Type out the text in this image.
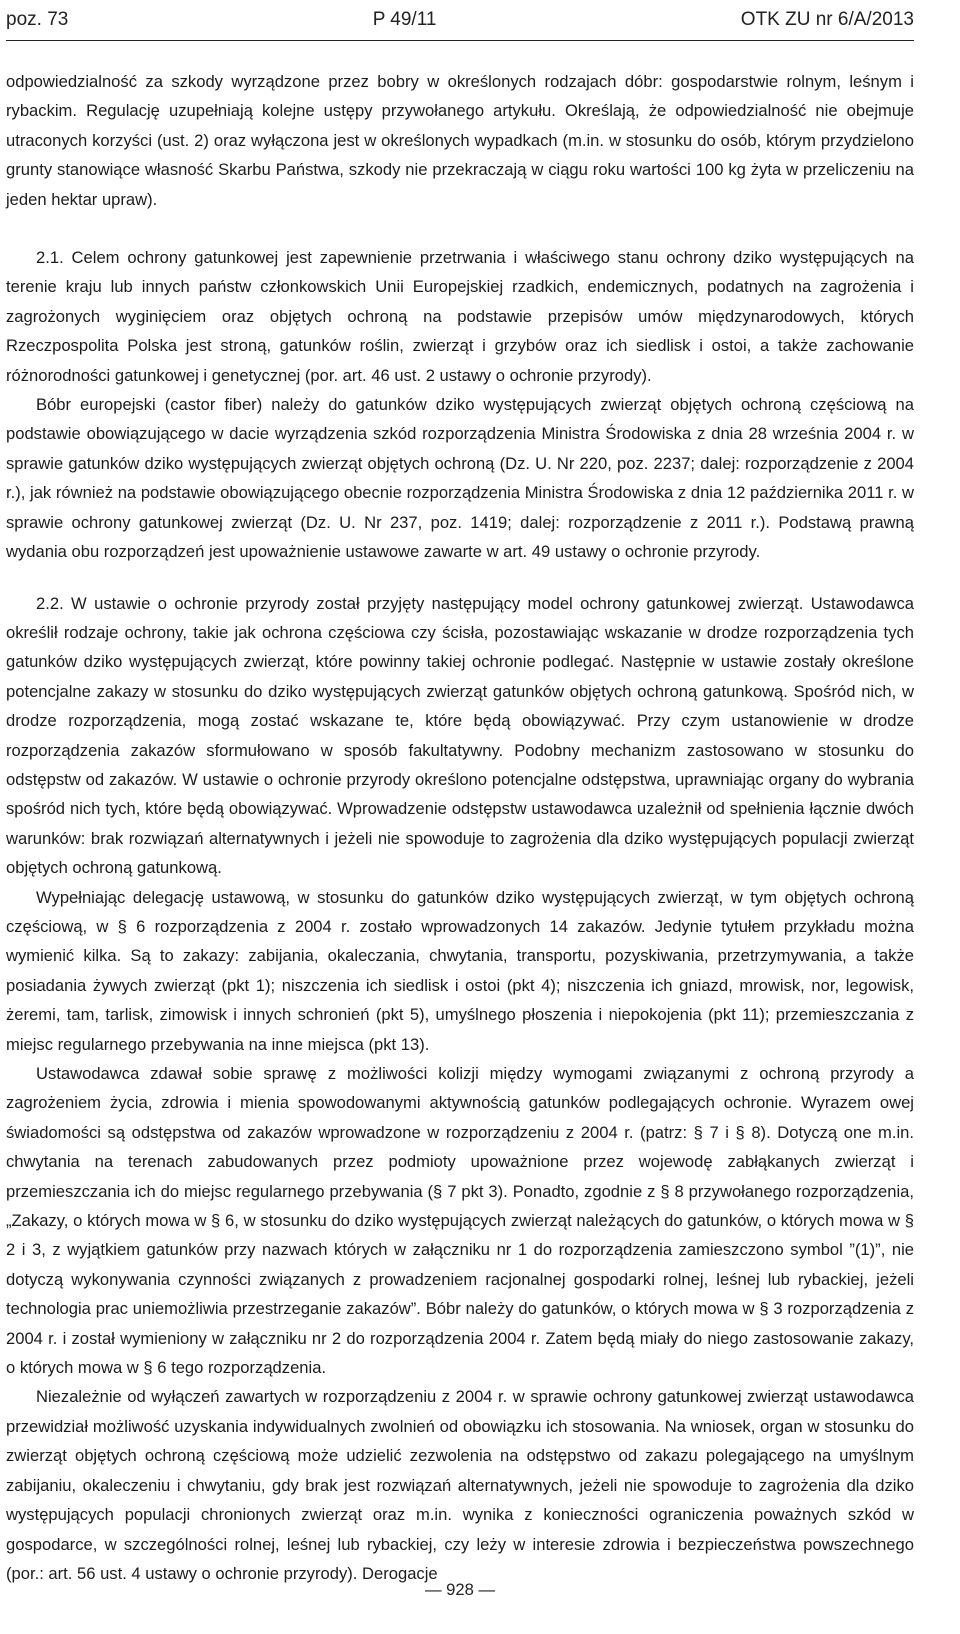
poz. 73	P 49/11	OTK ZU nr 6/A/2013

odpowiedzialność za szkody wyrządzone przez bobry w określonych rodzajach dóbr: gospodarstwie rolnym, leśnym i rybackim. Regulację uzupełniają kolejne ustępy przywołanego artykułu. Określają, że odpowiedzialność nie obejmuje utraconych korzyści (ust. 2) oraz wyłączona jest w określonych wypadkach (m.in. w stosunku do osób, którym przydzielono grunty stanowiące własność Skarbu Państwa, szkody nie przekraczają w ciągu roku wartości 100 kg żyta w przeliczeniu na jeden hektar upraw).

2.1. Celem ochrony gatunkowej jest zapewnienie przetrwania i właściwego stanu ochrony dziko występujących na terenie kraju lub innych państw członkowskich Unii Europejskiej rzadkich, endemicznych, podatnych na zagrożenia i zagrożonych wyginięciem oraz objętych ochroną na podstawie przepisów umów międzynarodowych, których Rzeczpospolita Polska jest stroną, gatunków roślin, zwierząt i grzybów oraz ich siedlisk i ostoi, a także zachowanie różnorodności gatunkowej i genetycznej (por. art. 46 ust. 2 ustawy o ochronie przyrody).

Bóbr europejski (castor fiber) należy do gatunków dziko występujących zwierząt objętych ochroną częściową na podstawie obowiązującego w dacie wyrządzenia szkód rozporządzenia Ministra Środowiska z dnia 28 września 2004 r. w sprawie gatunków dziko występujących zwierząt objętych ochroną (Dz. U. Nr 220, poz. 2237; dalej: rozporządzenie z 2004 r.), jak również na podstawie obowiązującego obecnie rozporządzenia Ministra Środowiska z dnia 12 października 2011 r. w sprawie ochrony gatunkowej zwierząt (Dz. U. Nr 237, poz. 1419; dalej: rozporządzenie z 2011 r.). Podstawą prawną wydania obu rozporządzeń jest upoważnienie ustawowe zawarte w art. 49 ustawy o ochronie przyrody.

2.2. W ustawie o ochronie przyrody został przyjęty następujący model ochrony gatunkowej zwierząt. Ustawodawca określił rodzaje ochrony, takie jak ochrona częściowa czy ścisła, pozostawiając wskazanie w drodze rozporządzenia tych gatunków dziko występujących zwierząt, które powinny takiej ochronie podlegać. Następnie w ustawie zostały określone potencjalne zakazy w stosunku do dziko występujących zwierząt gatunków objętych ochroną gatunkową. Spośród nich, w drodze rozporządzenia, mogą zostać wskazane te, które będą obowiązywać. Przy czym ustanowienie w drodze rozporządzenia zakazów sformułowano w sposób fakultatywny. Podobny mechanizm zastosowano w stosunku do odstępstw od zakazów. W ustawie o ochronie przyrody określono potencjalne odstępstwa, uprawniając organy do wybrania spośród nich tych, które będą obowiązywać. Wprowadzenie odstępstw ustawodawca uzależnił od spełnienia łącznie dwóch warunków: brak rozwiązań alternatywnych i jeżeli nie spowoduje to zagrożenia dla dziko występujących populacji zwierząt objętych ochroną gatunkową.

Wypełniając delegację ustawową, w stosunku do gatunków dziko występujących zwierząt, w tym objętych ochroną częściową, w § 6 rozporządzenia z 2004 r. zostało wprowadzonych 14 zakazów. Jedynie tytułem przykładu można wymienić kilka. Są to zakazy: zabijania, okaleczania, chwytania, transportu, pozyskiwania, przetrzymywania, a także posiadania żywych zwierząt (pkt 1); niszczenia ich siedlisk i ostoi (pkt 4); niszczenia ich gniazd, mrowisk, nor, legowisk, żeremi, tam, tarlisk, zimowisk i innych schronień (pkt 5), umyślnego płoszenia i niepokojenia (pkt 11); przemieszczania z miejsc regularnego przebywania na inne miejsca (pkt 13).

Ustawodawca zdawał sobie sprawę z możliwości kolizji między wymogami związanymi z ochroną przyrody a zagrożeniem życia, zdrowia i mienia spowodowanymi aktywnością gatunków podlegających ochronie. Wyrazem owej świadomości są odstępstwa od zakazów wprowadzone w rozporządzeniu z 2004 r. (patrz: § 7 i § 8). Dotyczą one m.in. chwytania na terenach zabudowanych przez podmioty upoważnione przez wojewodę zabłąkanych zwierząt i przemieszczania ich do miejsc regularnego przebywania (§ 7 pkt 3). Ponadto, zgodnie z § 8 przywołanego rozporządzenia, „Zakazy, o których mowa w § 6, w stosunku do dziko występujących zwierząt należących do gatunków, o których mowa w § 2 i 3, z wyjątkiem gatunków przy nazwach których w załączniku nr 1 do rozporządzenia zamieszczono symbol ”(1)”, nie dotyczą wykonywania czynności związanych z prowadzeniem racjonalnej gospodarki rolnej, leśnej lub rybackiej, jeżeli technologia prac uniemożliwia przestrzeganie zakazów”. Bóbr należy do gatunków, o których mowa w § 3 rozporządzenia z 2004 r. i został wymieniony w załączniku nr 2 do rozporządzenia 2004 r. Zatem będą miały do niego zastosowanie zakazy, o których mowa w § 6 tego rozporządzenia.

Niezależnie od wyłączeń zawartych w rozporządzeniu z 2004 r. w sprawie ochrony gatunkowej zwierząt ustawodawca przewidział możliwość uzyskania indywidualnych zwolnień od obowiązku ich stosowania. Na wniosek, organ w stosunku do zwierząt objętych ochroną częściową może udzielić zezwolenia na odstępstwo od zakazu polegającego na umyślnym zabijaniu, okaleczeniu i chwytaniu, gdy brak jest rozwiązań alternatywnych, jeżeli nie spowoduje to zagrożenia dla dziko występujących populacji chronionych zwierząt oraz m.in. wynika z konieczności ograniczenia poważnych szkód w gospodarce, w szczególności rolnej, leśnej lub rybackiej, czy leży w interesie zdrowia i bezpieczeństwa powszechnego (por.: art. 56 ust. 4 ustawy o ochronie przyrody). Derogacje

— 928 —
